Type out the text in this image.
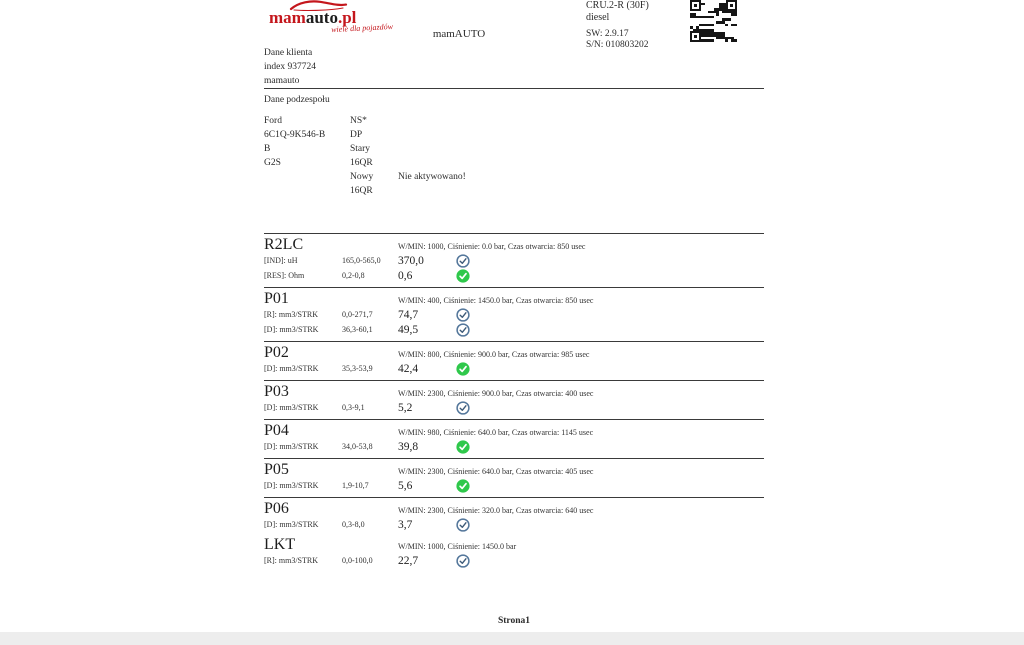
mamauto.pl
wiele dla pojazdów	mamAUTO
CRU.2-R (30F)
diesel
SW: 2.9.17
S/N: 010803202
Dane klienta
index 937724
mamauto
Dane podzespołu
Ford
6C1Q-9K546-B
B
G2S
NS*
DP
Stary
16QR
Nowy
16QR
Nie aktywowano!
R2LC	W/MIN: 1000, Ciśnienie: 0.0 bar, Czas otwarcia: 850 usec
[IND]: uH	165,0-565,0	370,0
[RES]: Ohm	0,2-0,8	0,6
P01	W/MIN: 400, Ciśnienie: 1450.0 bar, Czas otwarcia: 850 usec
[R]: mm3/STRK	0,0-271,7	74,7
[D]: mm3/STRK	36,3-60,1	49,5
P02	W/MIN: 800, Ciśnienie: 900.0 bar, Czas otwarcia: 985 usec
[D]: mm3/STRK	35,3-53,9	42,4
P03	W/MIN: 2300, Ciśnienie: 900.0 bar, Czas otwarcia: 400 usec
[D]: mm3/STRK	0,3-9,1	5,2
P04	W/MIN: 980, Ciśnienie: 640.0 bar, Czas otwarcia: 1145 usec
[D]: mm3/STRK	34,0-53,8	39,8
P05	W/MIN: 2300, Ciśnienie: 640.0 bar, Czas otwarcia: 405 usec
[D]: mm3/STRK	1,9-10,7	5,6
P06	W/MIN: 2300, Ciśnienie: 320.0 bar, Czas otwarcia: 640 usec
[D]: mm3/STRK	0,3-8,0	3,7
LKT	W/MIN: 1000, Ciśnienie: 1450.0 bar
[R]: mm3/STRK	0,0-100,0	22,7
Strona1
